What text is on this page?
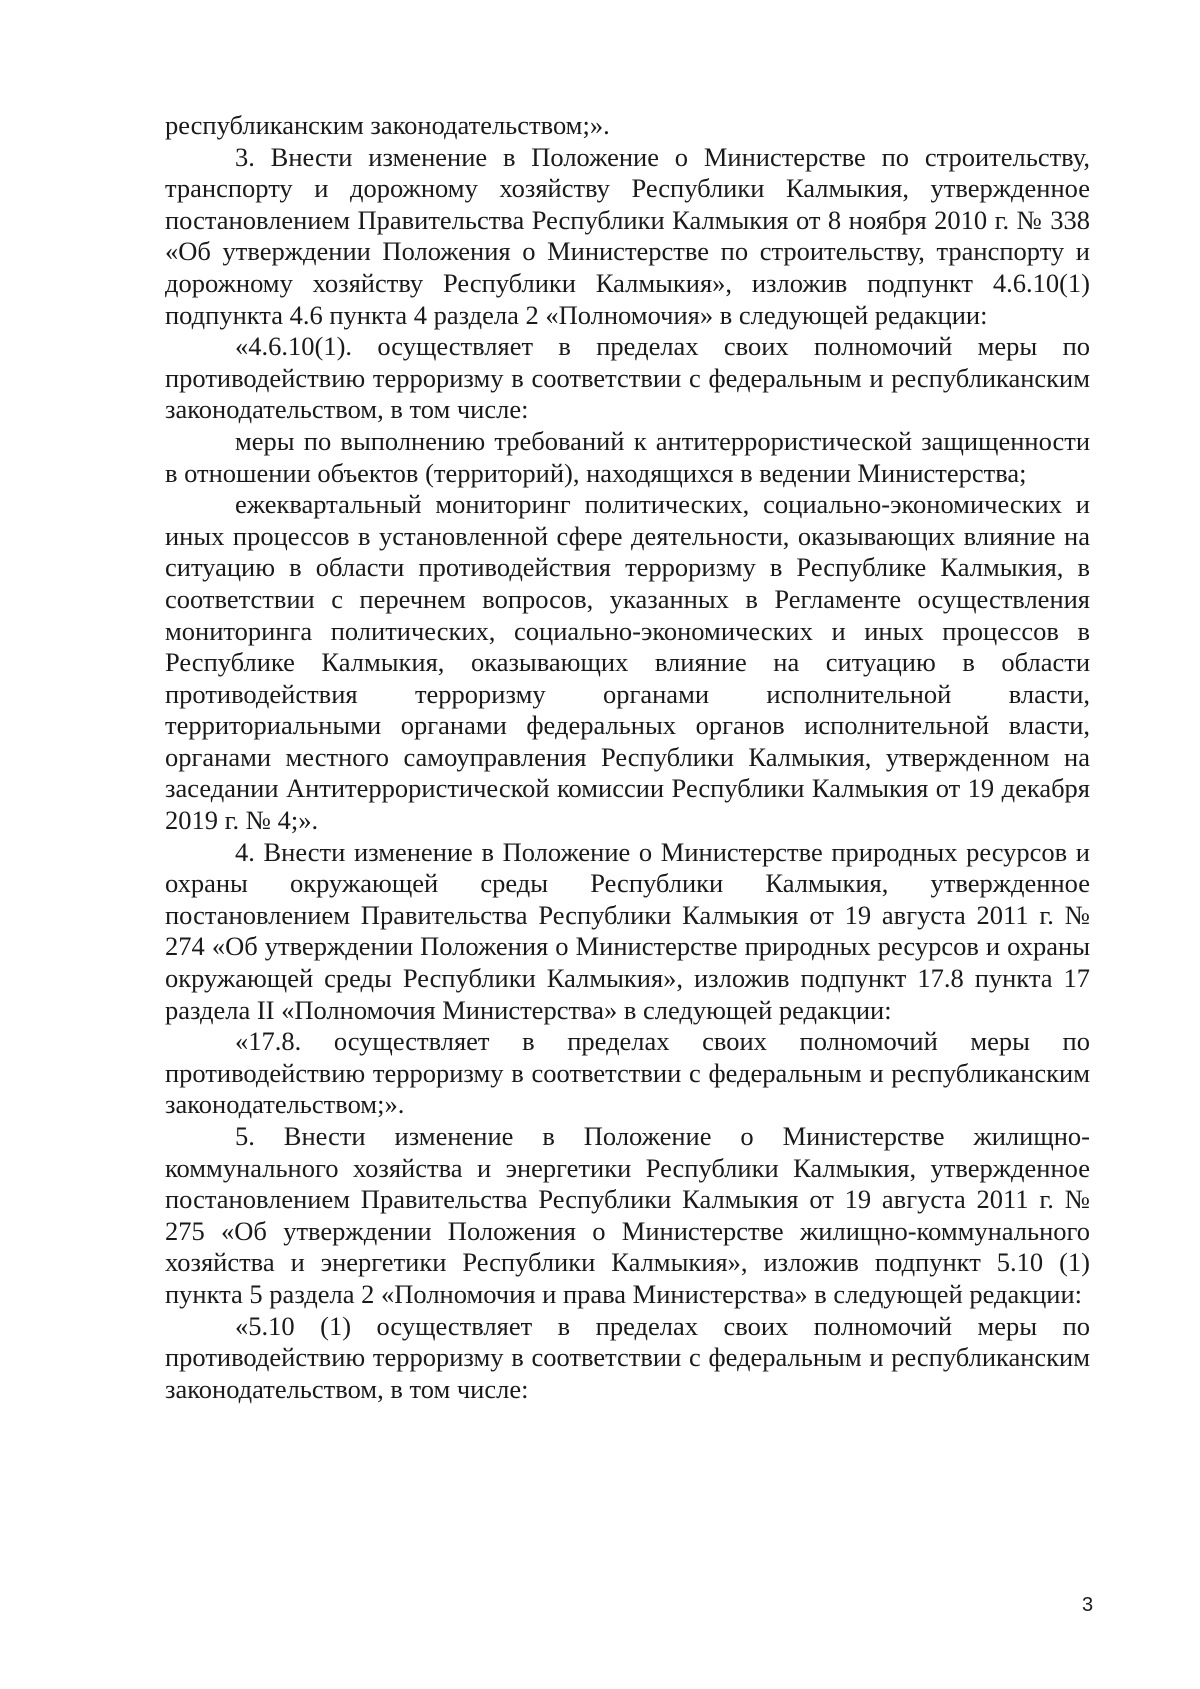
республиканским законодательством;».

3. Внести изменение в Положение о Министерстве по строительству, транспорту и дорожному хозяйству Республики Калмыкия, утвержденное постановлением Правительства Республики Калмыкия от 8 ноября 2010 г. № 338 «Об утверждении Положения о Министерстве по строительству, транспорту и дорожному хозяйству Республики Калмыкия», изложив подпункт 4.6.10(1) подпункта 4.6 пункта 4 раздела 2 «Полномочия» в следующей редакции:

«4.6.10(1). осуществляет в пределах своих полномочий меры по противодействию терроризму в соответствии с федеральным и республиканским законодательством, в том числе:

меры по выполнению требований к антитеррористической защищенности в отношении объектов (территорий), находящихся в ведении Министерства;

ежеквартальный мониторинг политических, социально-экономических и иных процессов в установленной сфере деятельности, оказывающих влияние на ситуацию в области противодействия терроризму в Республике Калмыкия, в соответствии с перечнем вопросов, указанных в Регламенте осуществления мониторинга политических, социально-экономических и иных процессов в Республике Калмыкия, оказывающих влияние на ситуацию в области противодействия терроризму органами исполнительной власти, территориальными органами федеральных органов исполнительной власти, органами местного самоуправления Республики Калмыкия, утвержденном на заседании Антитеррористической комиссии Республики Калмыкия от 19 декабря 2019 г. № 4;».

4. Внести изменение в Положение о Министерстве природных ресурсов и охраны окружающей среды Республики Калмыкия, утвержденное постановлением Правительства Республики Калмыкия от 19 августа 2011 г. № 274 «Об утверждении Положения о Министерстве природных ресурсов и охраны окружающей среды Республики Калмыкия», изложив подпункт 17.8 пункта 17 раздела II «Полномочия Министерства» в следующей редакции:

«17.8. осуществляет в пределах своих полномочий меры по противодействию терроризму в соответствии с федеральным и республиканским законодательством;».

5. Внести изменение в Положение о Министерстве жилищно-коммунального хозяйства и энергетики Республики Калмыкия, утвержденное постановлением Правительства Республики Калмыкия от 19 августа 2011 г. № 275 «Об утверждении Положения о Министерстве жилищно-коммунального хозяйства и энергетики Республики Калмыкия», изложив подпункт 5.10 (1) пункта 5 раздела 2 «Полномочия и права Министерства» в следующей редакции:

«5.10 (1) осуществляет в пределах своих полномочий меры по противодействию терроризму в соответствии с федеральным и республиканским законодательством, в том числе:

3
